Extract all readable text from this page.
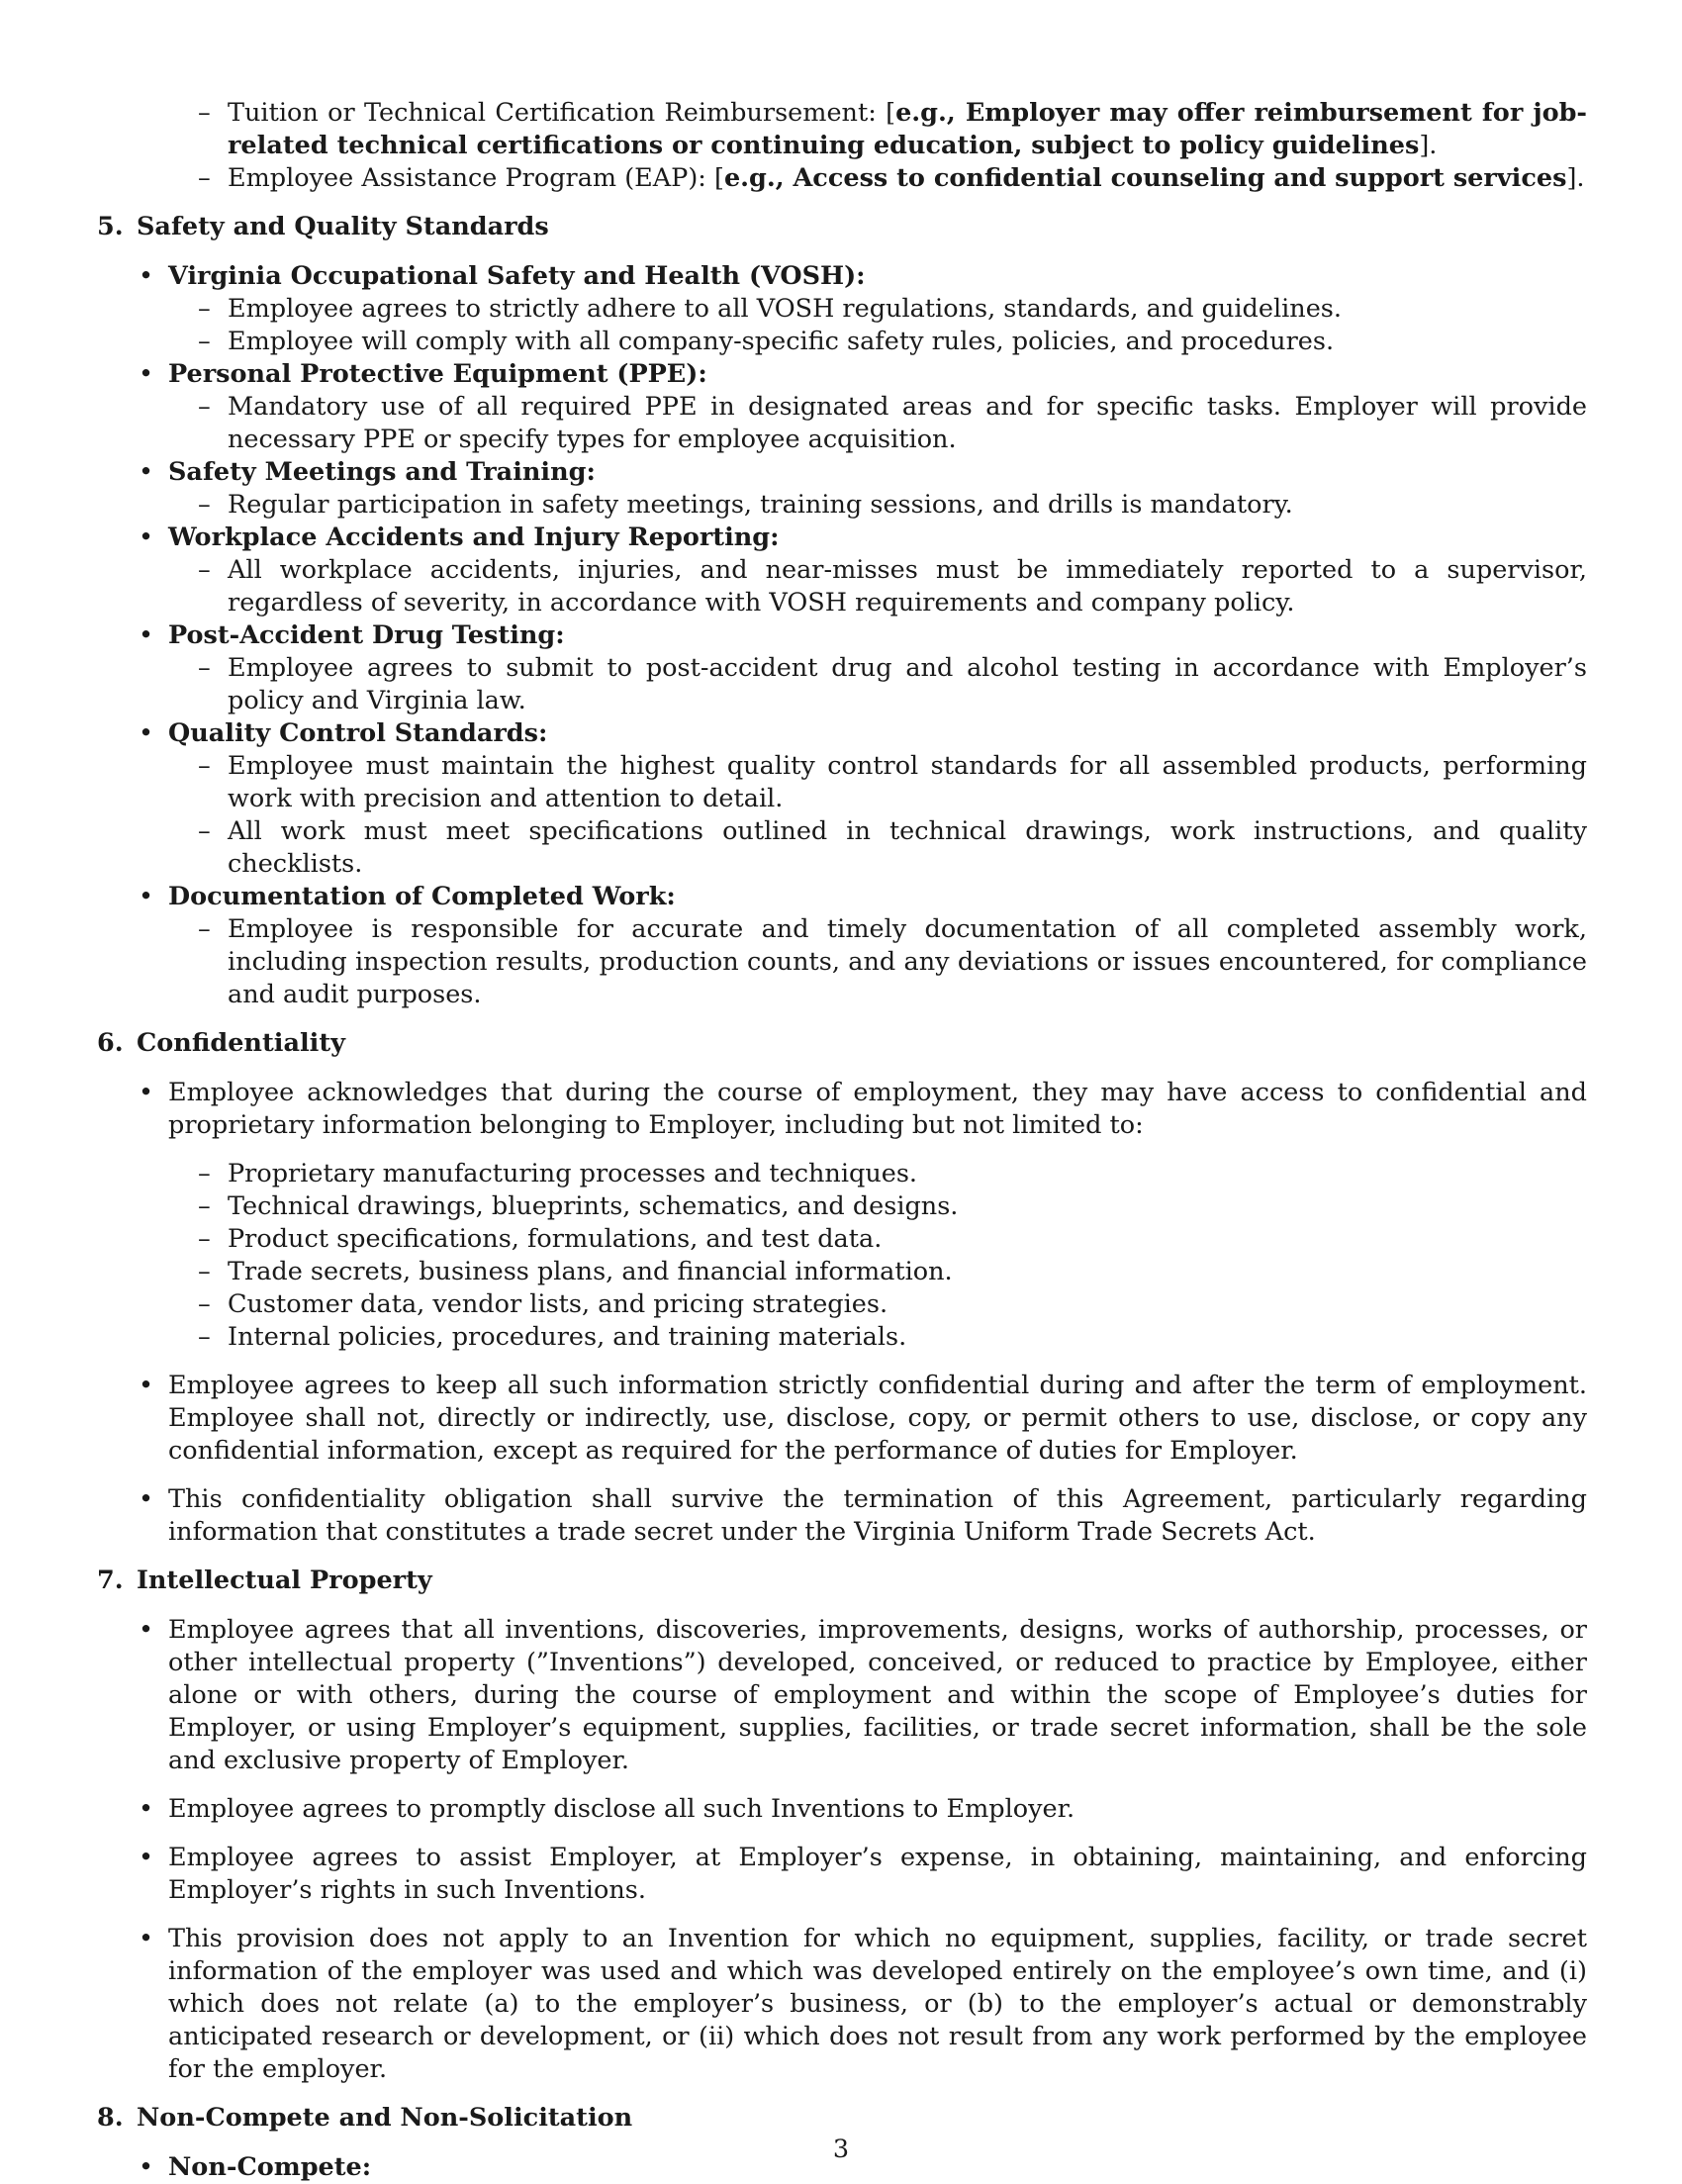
– Tuition or Technical Certification Reimbursement: [e.g., Employer may offer reimbursement for job-related technical certifications or continuing education, subject to policy guidelines].
– Employee Assistance Program (EAP): [e.g., Access to confidential counseling and support services].
5. Safety and Quality Standards
• Virginia Occupational Safety and Health (VOSH):
– Employee agrees to strictly adhere to all VOSH regulations, standards, and guidelines.
– Employee will comply with all company-specific safety rules, policies, and procedures.
• Personal Protective Equipment (PPE):
– Mandatory use of all required PPE in designated areas and for specific tasks. Employer will provide necessary PPE or specify types for employee acquisition.
• Safety Meetings and Training:
– Regular participation in safety meetings, training sessions, and drills is mandatory.
• Workplace Accidents and Injury Reporting:
– All workplace accidents, injuries, and near-misses must be immediately reported to a supervisor, regardless of severity, in accordance with VOSH requirements and company policy.
• Post-Accident Drug Testing:
– Employee agrees to submit to post-accident drug and alcohol testing in accordance with Employer’s policy and Virginia law.
• Quality Control Standards:
– Employee must maintain the highest quality control standards for all assembled products, performing work with precision and attention to detail.
– All work must meet specifications outlined in technical drawings, work instructions, and quality checklists.
• Documentation of Completed Work:
– Employee is responsible for accurate and timely documentation of all completed assembly work, including inspection results, production counts, and any deviations or issues encountered, for compliance and audit purposes.
6. Confidentiality
• Employee acknowledges that during the course of employment, they may have access to confidential and proprietary information belonging to Employer, including but not limited to:
– Proprietary manufacturing processes and techniques.
– Technical drawings, blueprints, schematics, and designs.
– Product specifications, formulations, and test data.
– Trade secrets, business plans, and financial information.
– Customer data, vendor lists, and pricing strategies.
– Internal policies, procedures, and training materials.
• Employee agrees to keep all such information strictly confidential during and after the term of employment. Employee shall not, directly or indirectly, use, disclose, copy, or permit others to use, disclose, or copy any confidential information, except as required for the performance of duties for Employer.
• This confidentiality obligation shall survive the termination of this Agreement, particularly regarding information that constitutes a trade secret under the Virginia Uniform Trade Secrets Act.
7. Intellectual Property
• Employee agrees that all inventions, discoveries, improvements, designs, works of authorship, processes, or other intellectual property (”Inventions”) developed, conceived, or reduced to practice by Employee, either alone or with others, during the course of employment and within the scope of Employee’s duties for Employer, or using Employer’s equipment, supplies, facilities, or trade secret information, shall be the sole and exclusive property of Employer.
• Employee agrees to promptly disclose all such Inventions to Employer.
• Employee agrees to assist Employer, at Employer’s expense, in obtaining, maintaining, and enforcing Employer’s rights in such Inventions.
• This provision does not apply to an Invention for which no equipment, supplies, facility, or trade secret information of the employer was used and which was developed entirely on the employee’s own time, and (i) which does not relate (a) to the employer’s business, or (b) to the employer’s actual or demonstrably anticipated research or development, or (ii) which does not result from any work performed by the employee for the employer.
8. Non-Compete and Non-Solicitation
• Non-Compete:
3
